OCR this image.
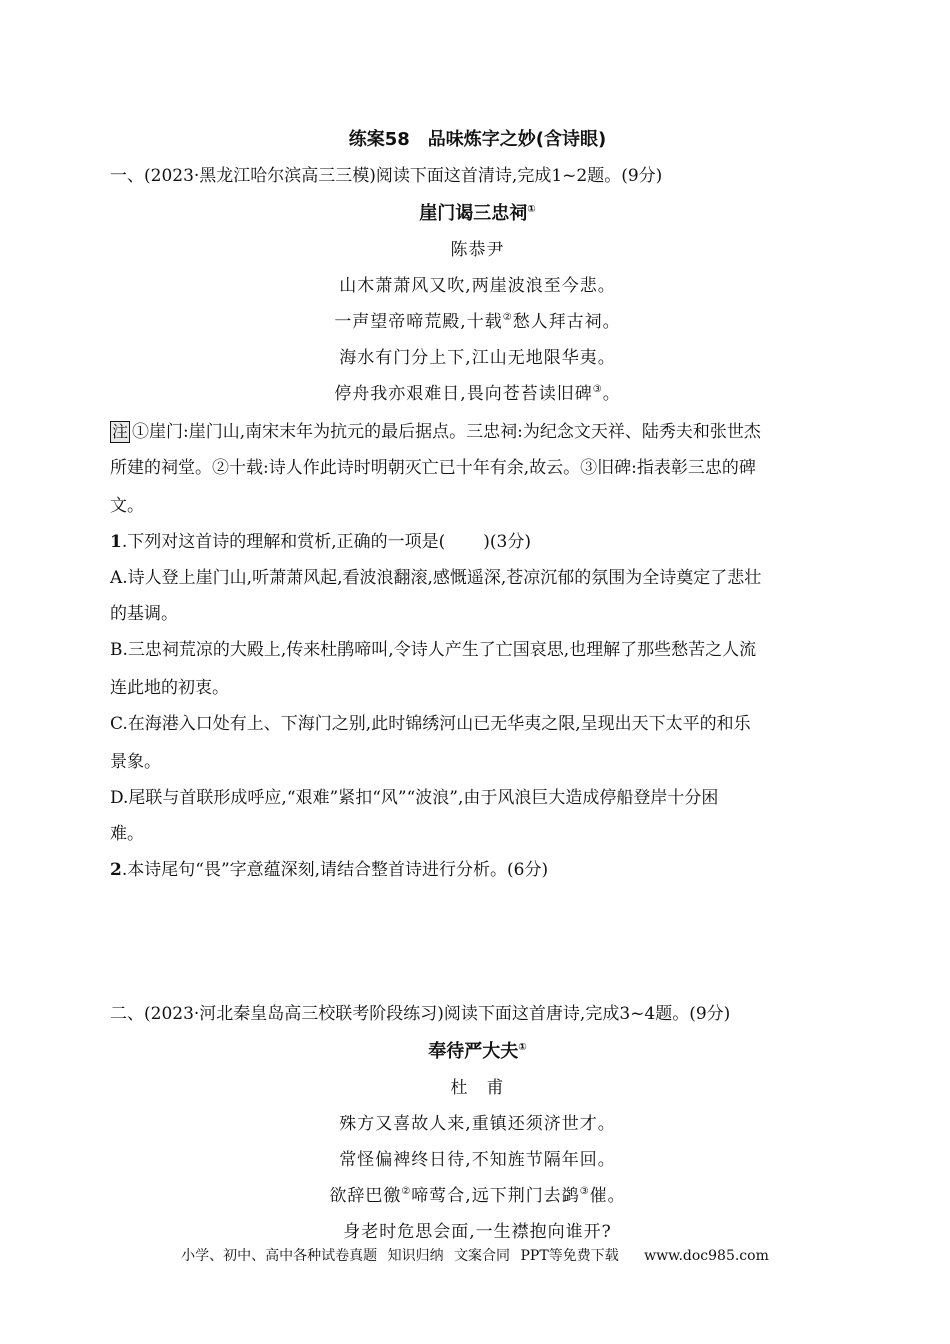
练案58　品味炼字之妙(含诗眼)
一、(2023·黑龙江哈尔滨高三三模)阅读下面这首清诗,完成1~2题。(9分)
崖门谒三忠祠①
陈恭尹
山木萧萧风又吹,两崖波浪至今悲。
一声望帝啼荒殿,十载②愁人拜古祠。
海水有门分上下,江山无地限华夷。
停舟我亦艰难日,畏向苍苔读旧碑③。
注 ①崖门:崖门山,南宋末年为抗元的最后据点。三忠祠:为纪念文天祥、陆秀夫和张世杰
所建的祠堂。②十载:诗人作此诗时明朝灭亡已十年有余,故云。③旧碑:指表彰三忠的碑
文。
1.下列对这首诗的理解和赏析,正确的一项是( )(3分)
A.诗人登上崖门山,听萧萧风起,看波浪翻滚,感慨遥深,苍凉沉郁的氛围为全诗奠定了悲壮
的基调。
B.三忠祠荒凉的大殿上,传来杜鹃啼叫,令诗人产生了亡国哀思,也理解了那些愁苦之人流
连此地的初衷。
C.在海港入口处有上、下海门之别,此时锦绣河山已无华夷之限,呈现出天下太平的和乐
景象。
D.尾联与首联形成呼应,“艰难”紧扣“风”“波浪”,由于风浪巨大造成停船登岸十分困
难。
2.本诗尾句“畏”字意蕴深刻,请结合整首诗进行分析。(6分)
二、(2023·河北秦皇岛高三校联考阶段练习)阅读下面这首唐诗,完成3~4题。(9分)
奉待严大夫①
杜　甫
殊方又喜故人来,重镇还须济世才。
常怪偏裨终日待,不知旌节隔年回。
欲辞巴徼②啼莺合,远下荆门去鹢③催。
身老时危思会面,一生襟抱向谁开?
小学、初中、高中各种试卷真题 知识归纳 文案合同 PPT等免费下载 www.doc985.com
